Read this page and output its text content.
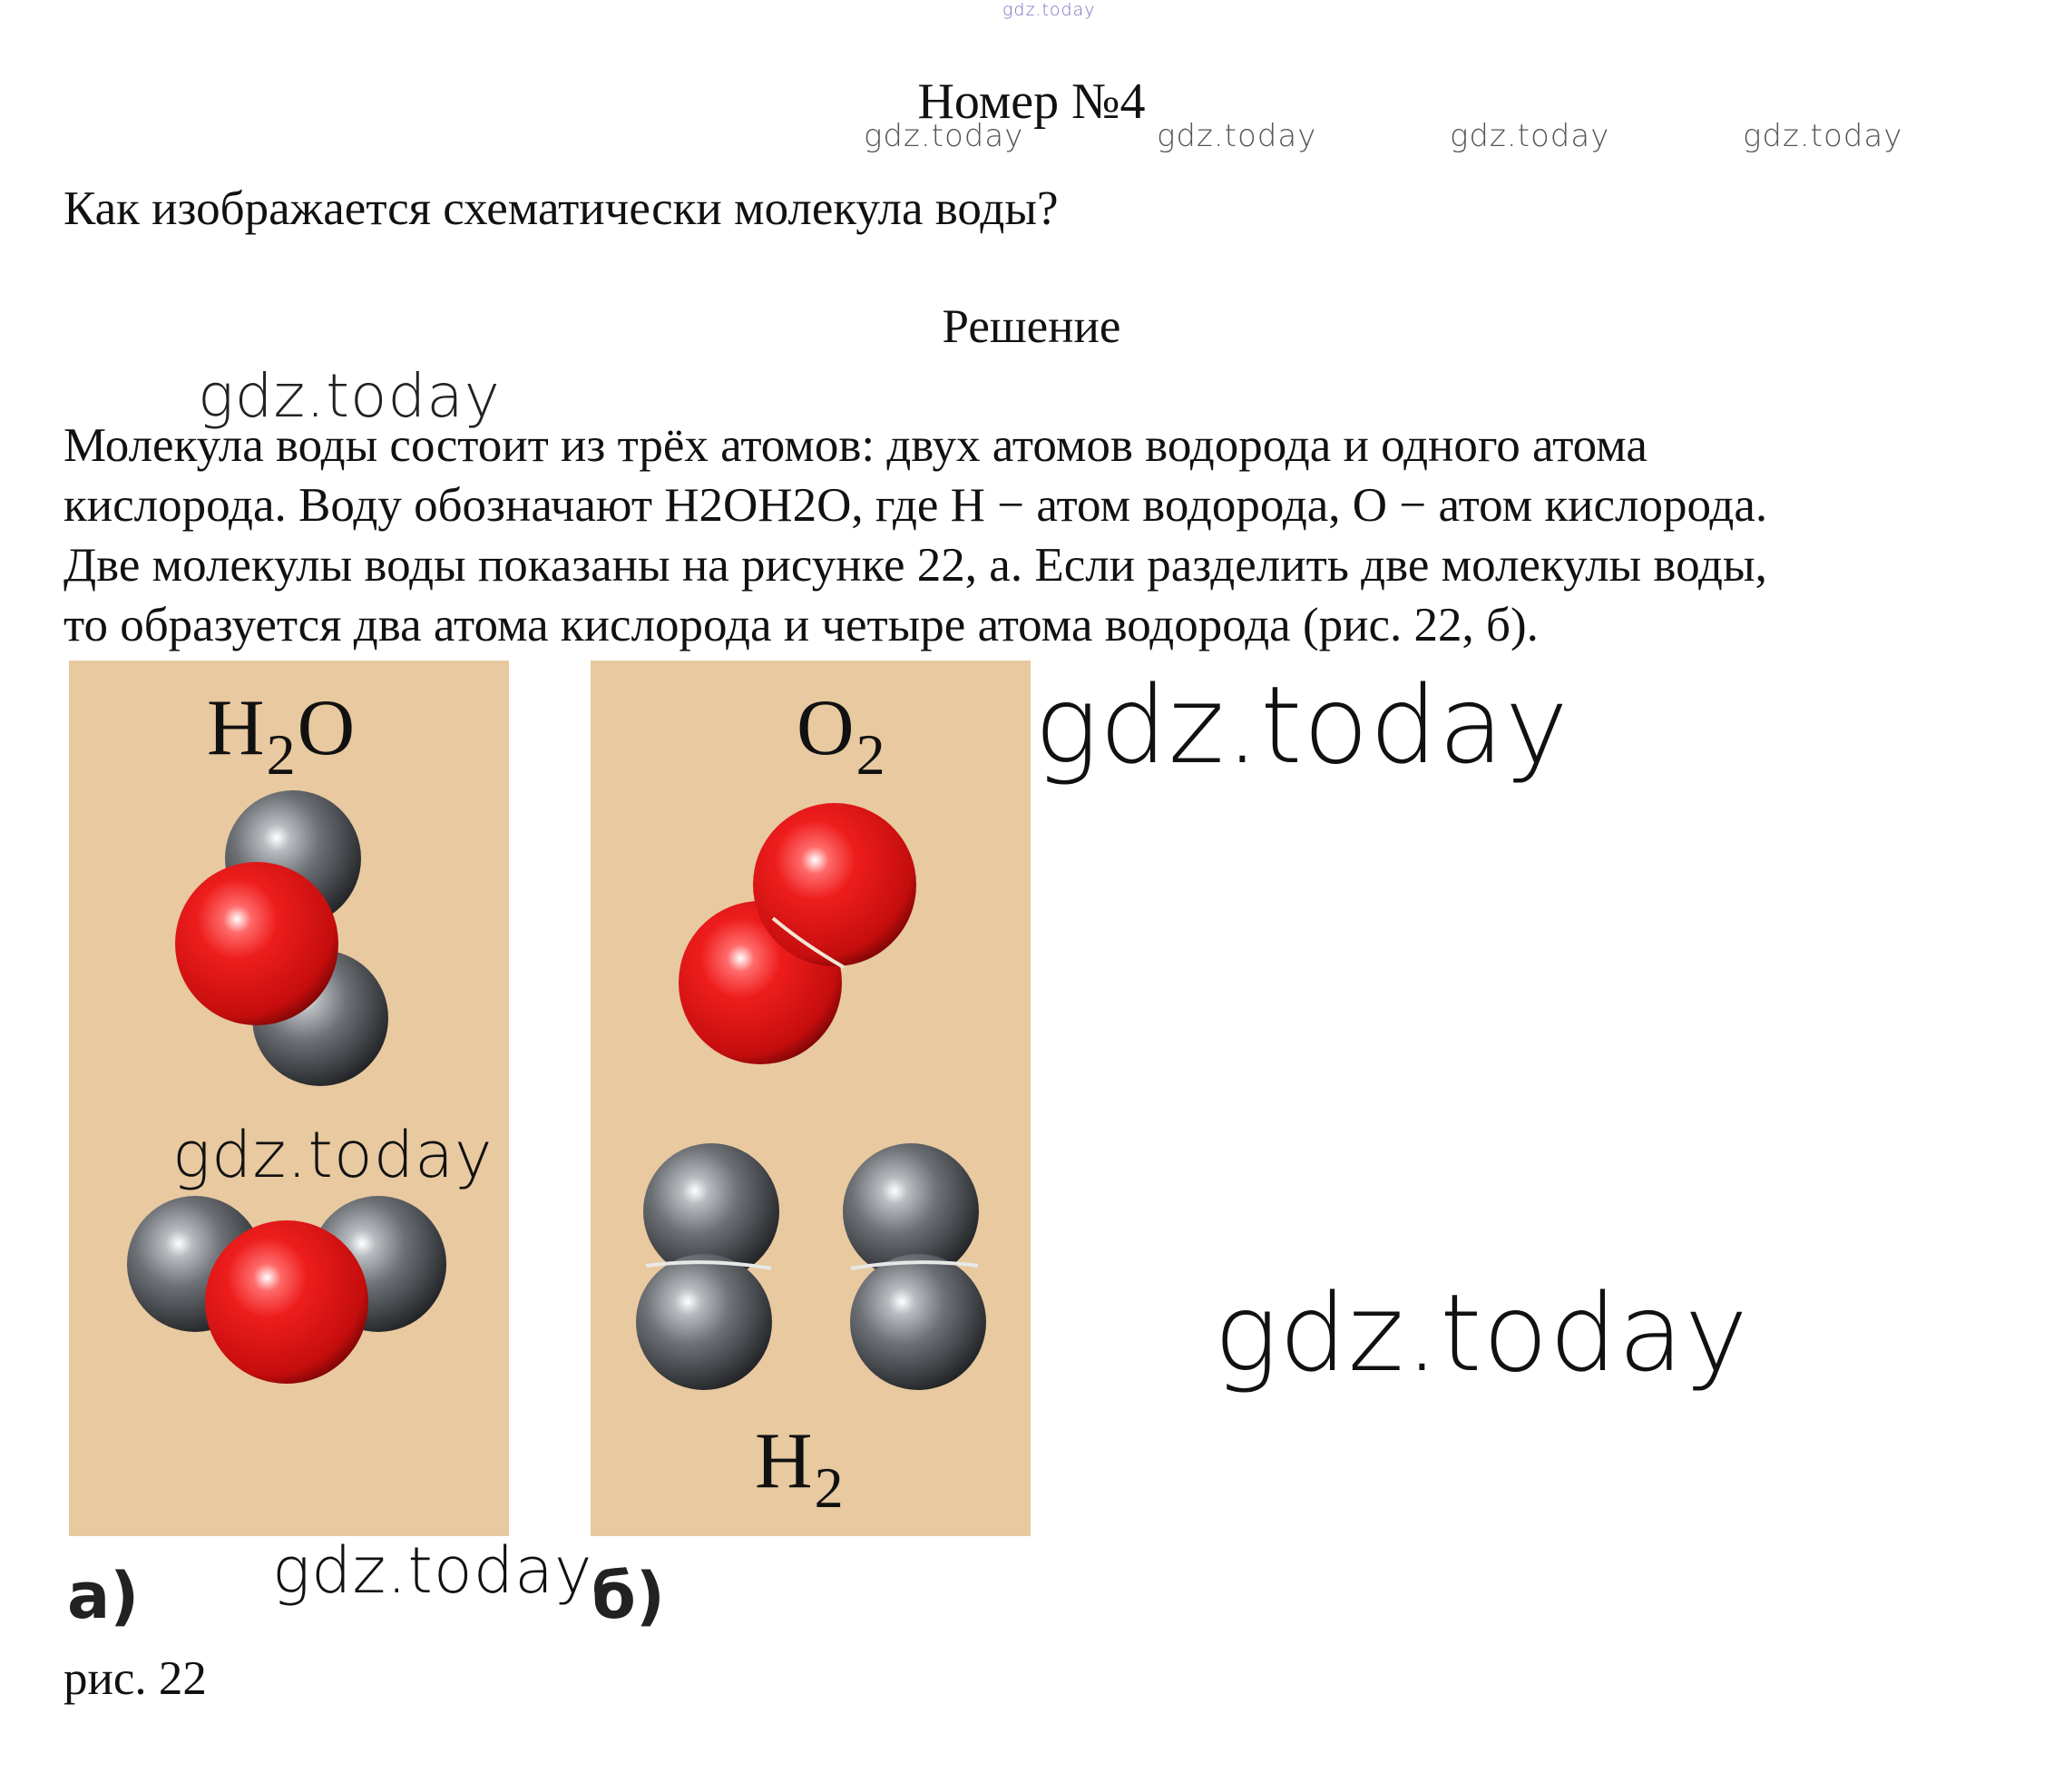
gdz.today
Номер №4
gdz.today	gdz.today	gdz.today	gdz.today
Как изображается схематически молекула воды?
Решение
gdz.today

Молекула воды состоит из трёх атомов: двух атомов водорода и одного атома

кислорода. Воду обозначают H2OH2O, где H − атом водорода, O − атом кислорода.

Две молекулы воды показаны на рисунке 22, а. Если разделить две молекулы воды,

то образуется два атома кислорода и четыре атома водорода (рис. 22, б).

$H_2O$	$O_2$
$H_2$
gdz.today
gdz.today
gdz.today
gdz.today
а)	б)
рис. 22
